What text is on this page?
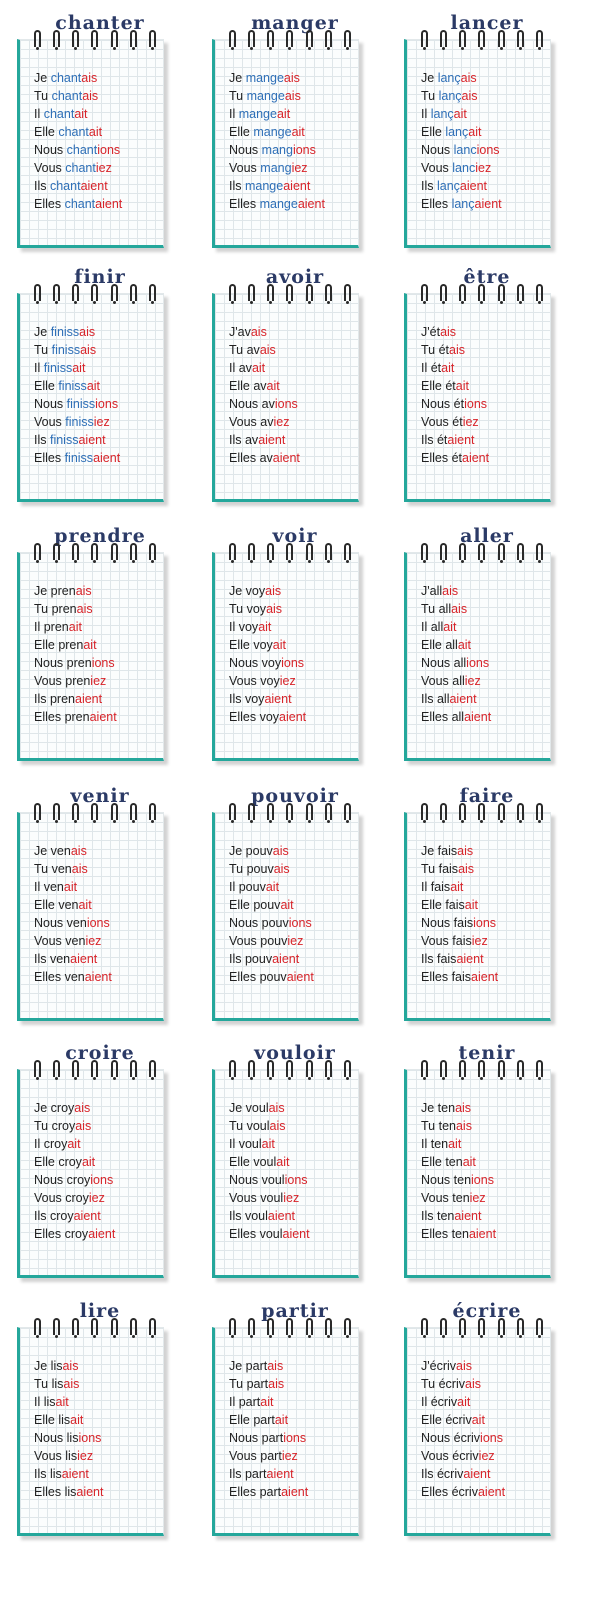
chanter
Je chantais
Tu chantais
Il chantait
Elle chantait
Nous chantions
Vous chantiez
Ils chantaient
Elles chantaient
manger
Je mangeais
Tu mangeais
Il mangeait
Elle mangeait
Nous mangions
Vous mangiez
Ils mangeaient
Elles mangeaient
lancer
Je lançais
Tu lançais
Il lançait
Elle lançait
Nous lancions
Vous lanciez
Ils lançaient
Elles lançaient
finir
Je finissais
Tu finissais
Il finissait
Elle finissait
Nous finissions
Vous finissiez
Ils finissaient
Elles finissaient
avoir
J'avais
Tu avais
Il avait
Elle avait
Nous avions
Vous aviez
Ils avaient
Elles avaient
être
J'étais
Tu étais
Il était
Elle était
Nous étions
Vous étiez
Ils étaient
Elles étaient
prendre
Je prenais
Tu prenais
Il prenait
Elle prenait
Nous prenions
Vous preniez
Ils prenaient
Elles prenaient
voir
Je voyais
Tu voyais
Il voyait
Elle voyait
Nous voyions
Vous voyiez
Ils voyaient
Elles voyaient
aller
J'allais
Tu allais
Il allait
Elle allait
Nous allions
Vous alliez
Ils allaient
Elles allaient
venir
Je venais
Tu venais
Il venait
Elle venait
Nous venions
Vous veniez
Ils venaient
Elles venaient
pouvoir
Je pouvais
Tu pouvais
Il pouvait
Elle pouvait
Nous pouvions
Vous pouviez
Ils pouvaient
Elles pouvaient
faire
Je faisais
Tu faisais
Il faisait
Elle faisait
Nous faisions
Vous faisiez
Ils faisaient
Elles faisaient
croire
Je croyais
Tu croyais
Il croyait
Elle croyait
Nous croyions
Vous croyiez
Ils croyaient
Elles croyaient
vouloir
Je voulais
Tu voulais
Il voulait
Elle voulait
Nous voulions
Vous vouliez
Ils voulaient
Elles voulaient
tenir
Je tenais
Tu tenais
Il tenait
Elle tenait
Nous tenions
Vous teniez
Ils tenaient
Elles tenaient
lire
Je lisais
Tu lisais
Il lisait
Elle lisait
Nous lisions
Vous lisiez
Ils lisaient
Elles lisaient
partir
Je partais
Tu partais
Il partait
Elle partait
Nous partions
Vous partiez
Ils partaient
Elles partaient
écrire
J'écrivais
Tu écrivais
Il écrivait
Elle écrivait
Nous écrivions
Vous écriviez
Ils écrivaient
Elles écrivaient
